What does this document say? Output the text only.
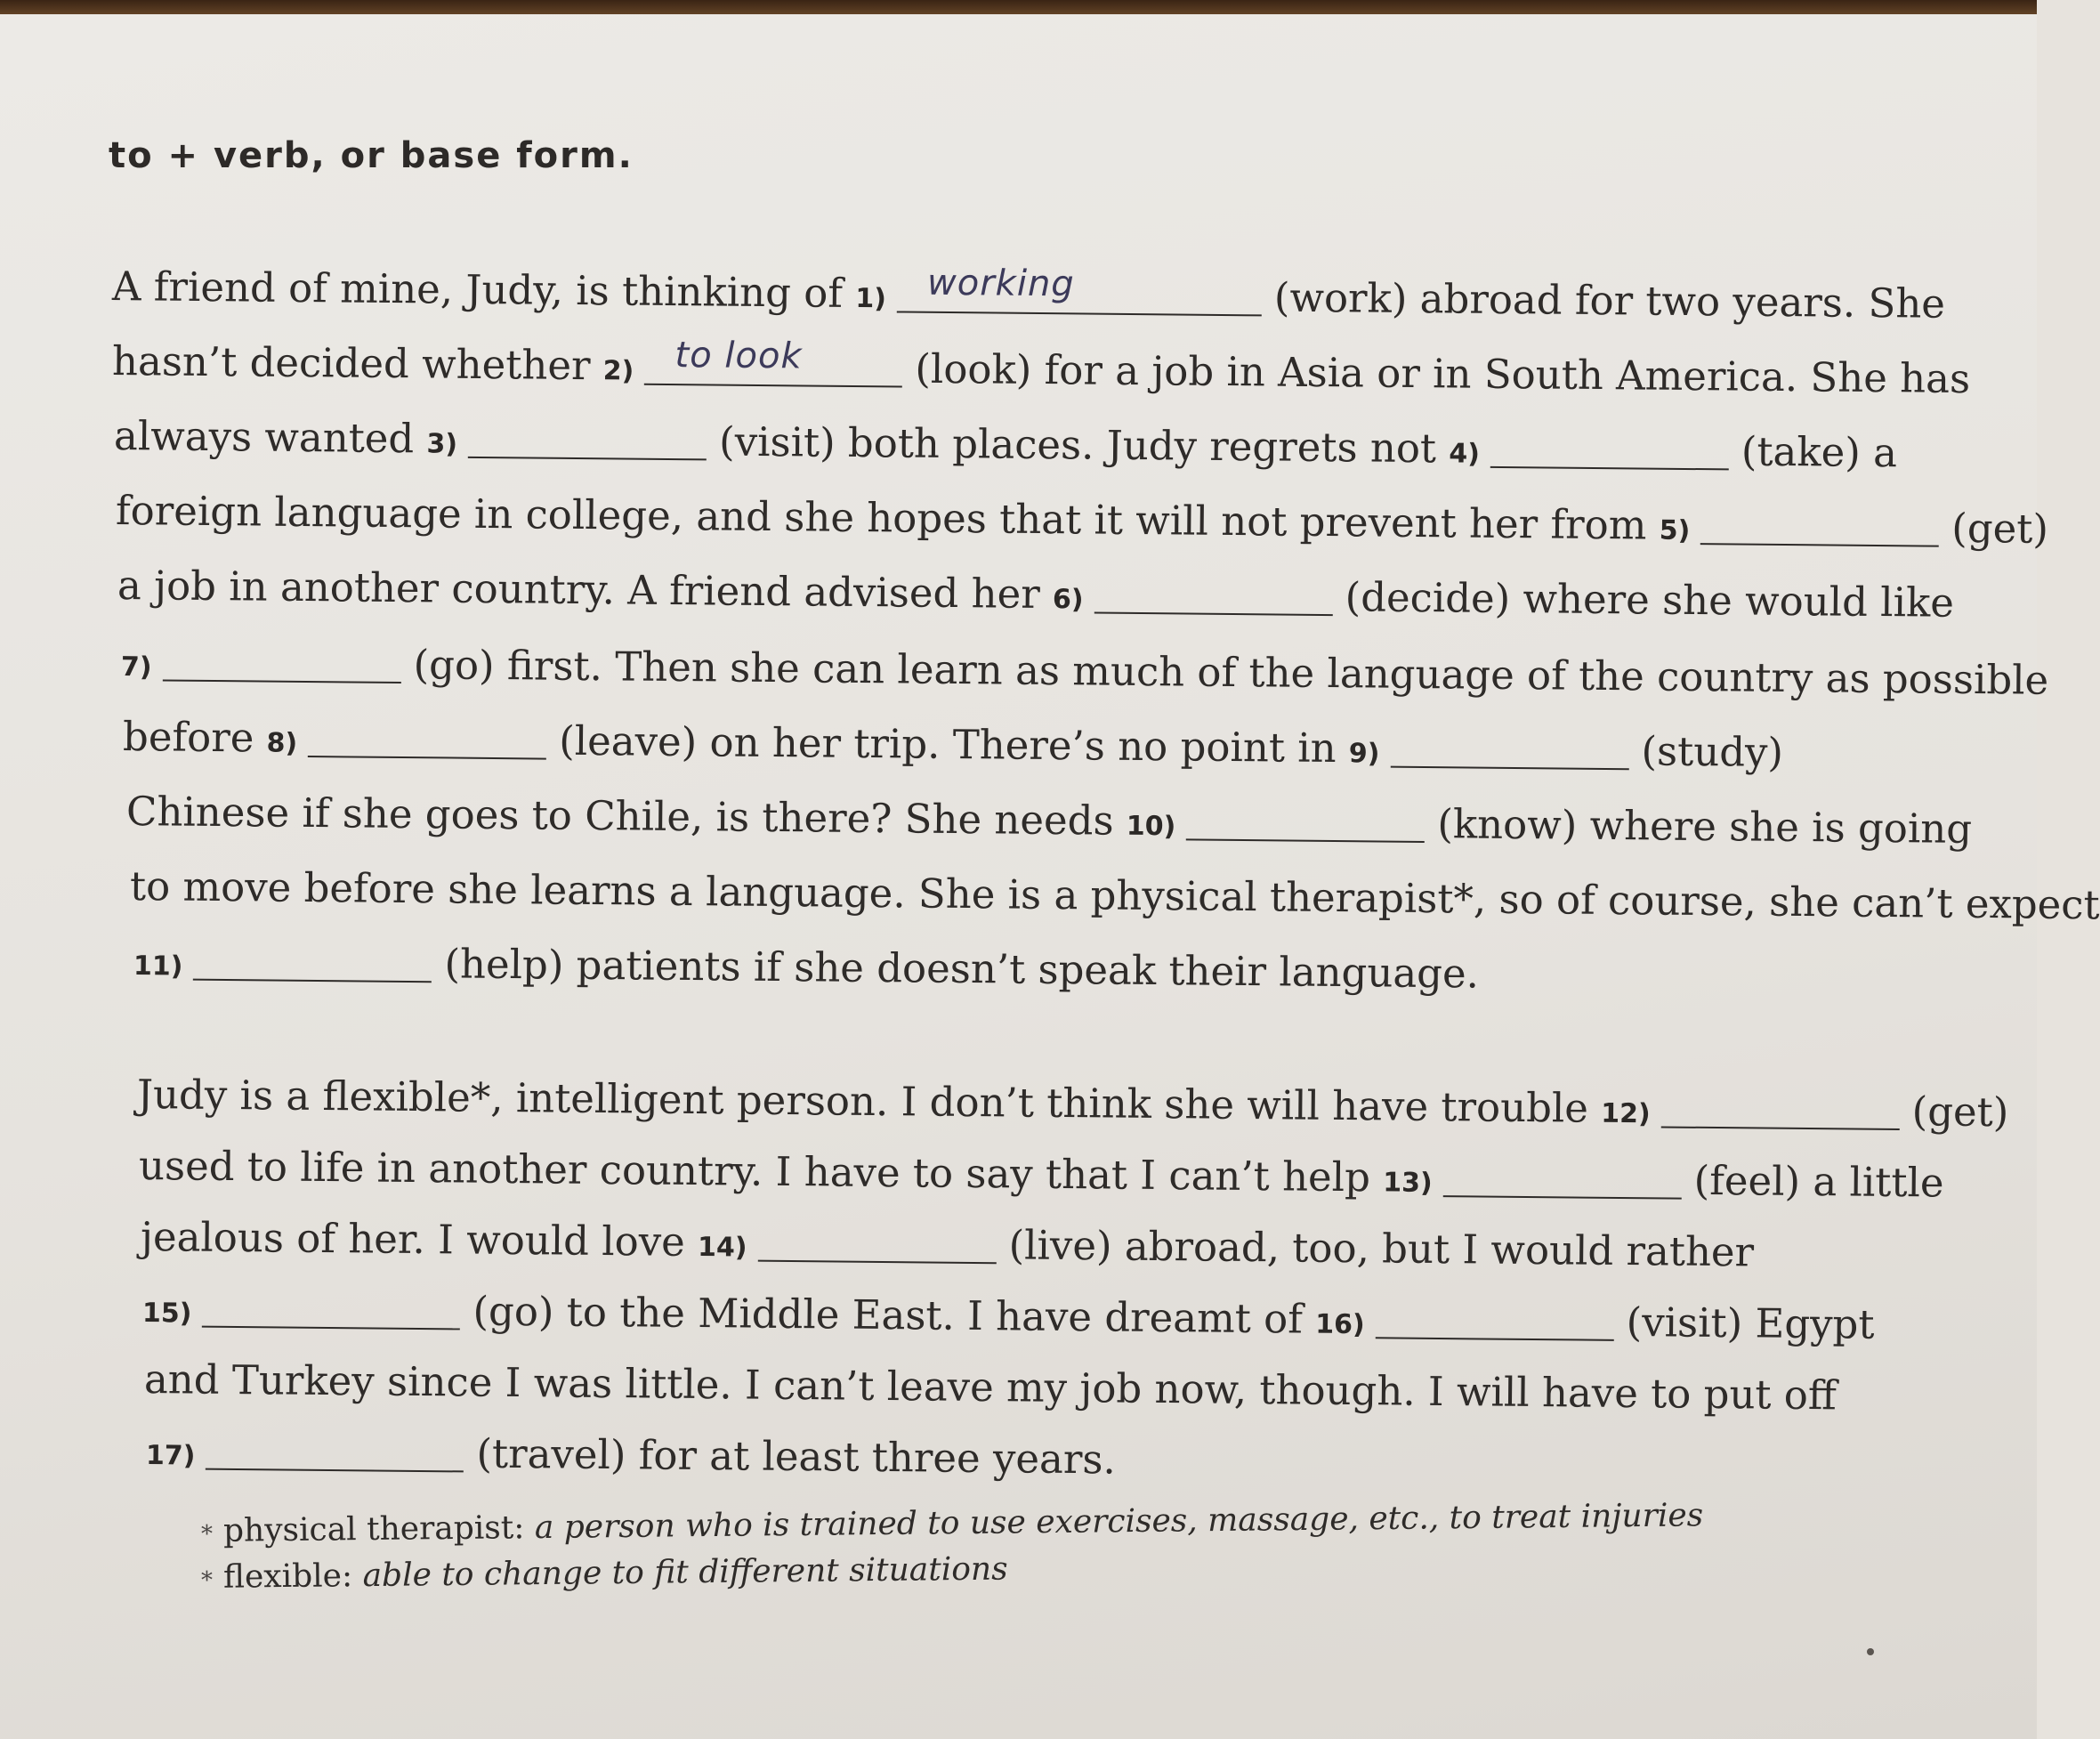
to + verb, or base form.
A friend of mine, Judy, is thinking of 1) working	(work) abroad for two years. She
hasn’t decided whether 2) to look	(look) for a job in Asia or in South America. She has
always wanted 3)	(visit) both places. Judy regrets not 4)	(take) a
foreign language in college, and she hopes that it will not prevent her from 5)	(get)
a job in another country. A friend advised her 6)	(decide) where she would like
7)	(go) first. Then she can learn as much of the language of the country as possible
before 8)	(leave) on her trip. There’s no point in 9)	(study)
Chinese if she goes to Chile, is there? She needs 10)	(know) where she is going
to move before she learns a language. She is a physical therapist*, so of course, she can’t expect
11)	(help) patients if she doesn’t speak their language.
Judy is a flexible*, intelligent person. I don’t think she will have trouble 12)	(get)
used to life in another country. I have to say that I can’t help 13)	(feel) a little
jealous of her. I would love 14)	(live) abroad, too, but I would rather
15)	(go) to the Middle East. I have dreamt of 16)	(visit) Egypt
and Turkey since I was little. I can’t leave my job now, though. I will have to put off
17)	(travel) for at least three years.
* physical therapist: a person who is trained to use exercises, massage, etc., to treat injuries
* flexible: able to change to fit different situations
